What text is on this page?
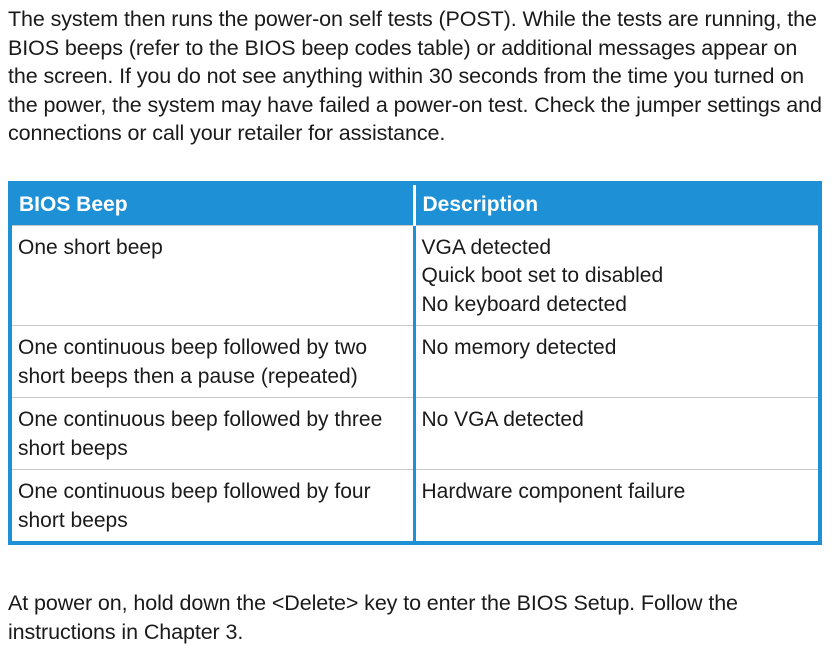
The system then runs the power-on self tests (POST). While the tests are running, the BIOS beeps (refer to the BIOS beep codes table) or additional messages appear on the screen. If you do not see anything within 30 seconds from the time you turned on the power, the system may have failed a power-on test. Check the jumper settings and connections or call your retailer for assistance.

BIOS Beep	Description
One short beep	VGA detected
Quick boot set to disabled
No keyboard detected

One continuous beep followed by two short beeps then a pause (repeated)	No memory detected

One continuous beep followed by three short beeps	No VGA detected

One continuous beep followed by four short beeps	Hardware component failure

At power on, hold down the <Delete> key to enter the BIOS Setup. Follow the instructions in Chapter 3.
